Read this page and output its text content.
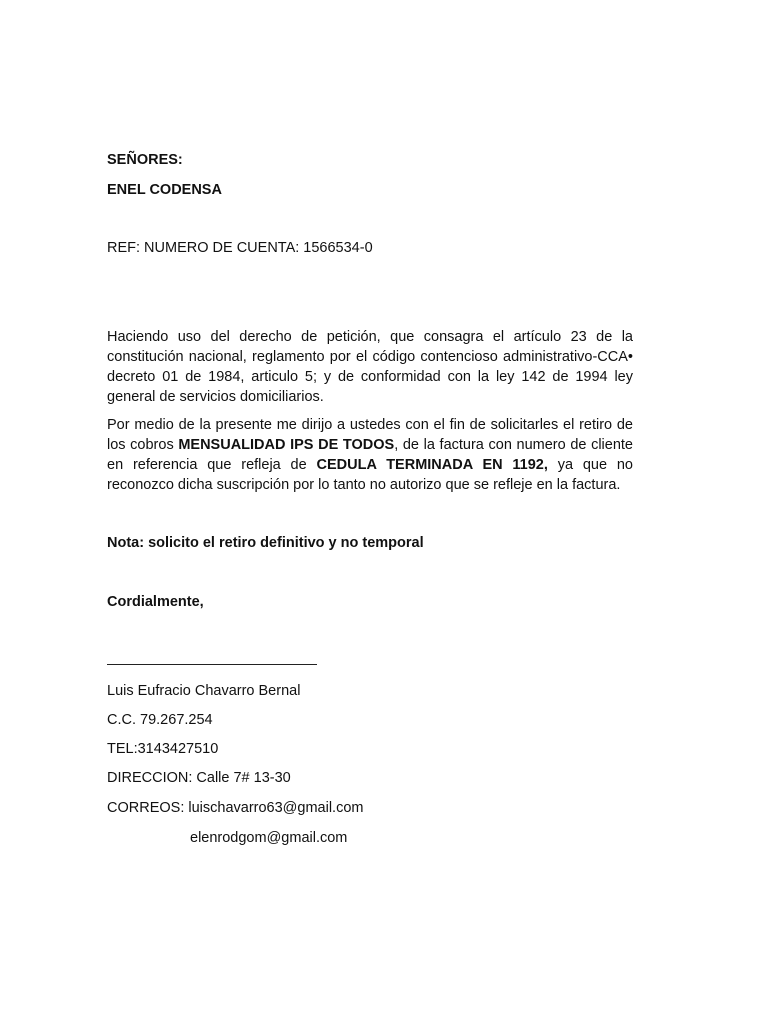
SEÑORES:
ENEL CODENSA
REF: NUMERO DE CUENTA: 1566534-0

Haciendo uso del derecho de petición, que consagra el artículo 23 de la constitución nacional, reglamento por el código contencioso administrativo-CCA• decreto 01 de 1984, articulo 5; y de conformidad con la ley 142 de 1994 ley general de servicios domiciliarios.

Por medio de la presente me dirijo a ustedes con el fin de solicitarles el retiro de los cobros MENSUALIDAD IPS DE TODOS, de la factura con numero de cliente en referencia que refleja de CEDULA TERMINADA EN 1192, ya que no reconozco dicha suscripción por lo tanto no autorizo que se refleje en la factura.

Nota: solicito el retiro definitivo y no temporal
Cordialmente,
Luis Eufracio Chavarro Bernal
C.C. 79.267.254
TEL:3143427510
DIRECCION: Calle 7# 13-30
CORREOS: luischavarro63@gmail.com
elenrodgom@gmail.com
